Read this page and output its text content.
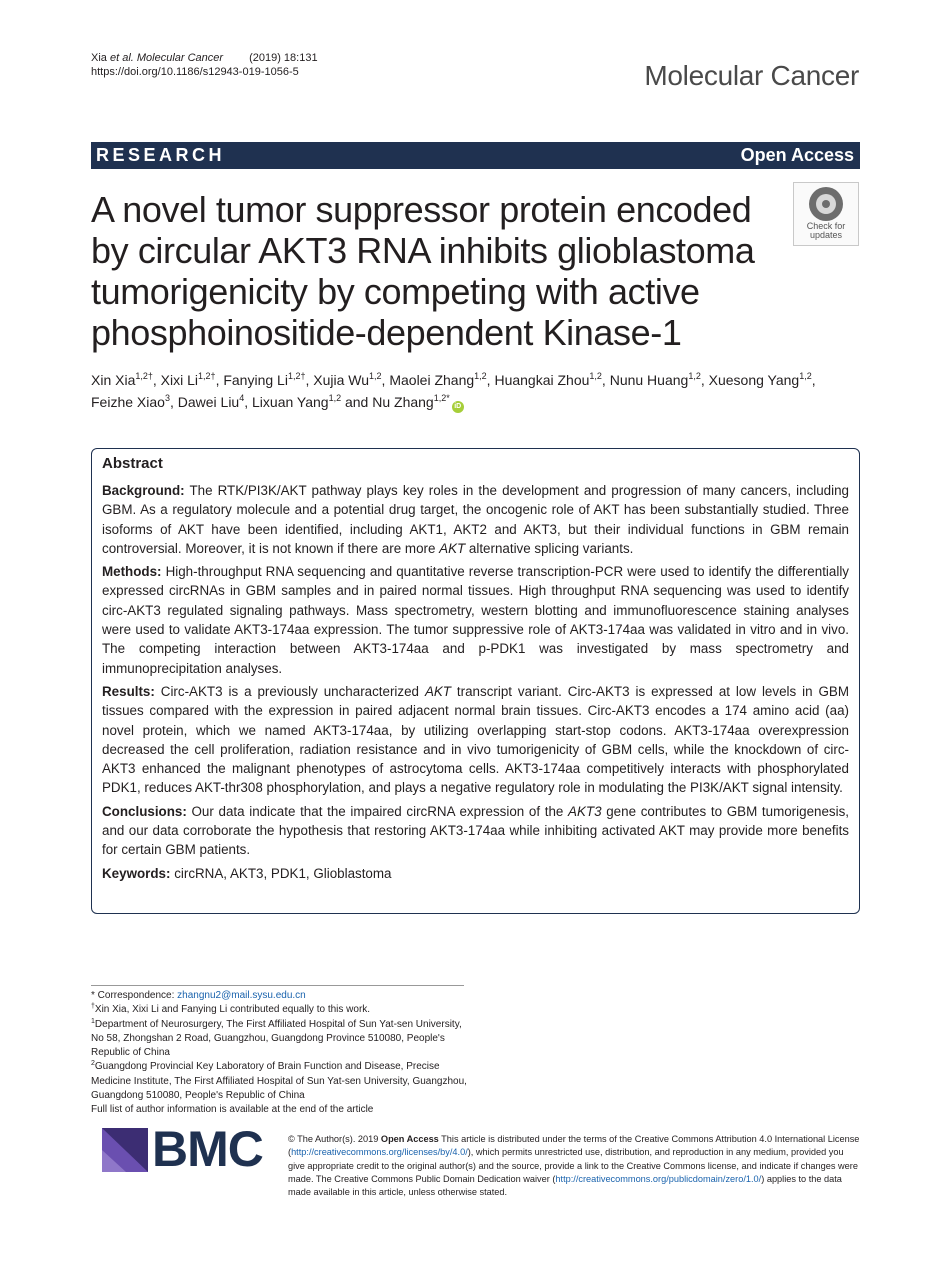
Xia et al. Molecular Cancer (2019) 18:131
https://doi.org/10.1186/s12943-019-1056-5	Molecular Cancer
RESEARCH	Open Access
A novel tumor suppressor protein encoded by circular AKT3 RNA inhibits glioblastoma tumorigenicity by competing with active phosphoinositide-dependent Kinase-1
Check for
updates
Xin Xia$^{1,2\dagger}$, Xixi $Li^{1,2\dagger}$, Fanying $Li^{1,2\dagger}$, Xujia Wu$^{1,2}$, Maolei Zhang$^{1,2}$, Huangkai Zhou$^{1,2}$, Nunu Huang$^{1,2}$, Xuesong Yang$^{1,2}$, Feizhe Xiao$^3$, Dawei Liu$^4$, Lixuan Yang$^{1,2}$ and Nu Zhang$^{1,2*}$iD
Abstract

Background: The RTK/PI3K/AKT pathway plays key roles in the development and progression of many cancers, including GBM. As a regulatory molecule and a potential drug target, the oncogenic role of AKT has been substantially studied. Three isoforms of AKT have been identified, including AKT1, AKT2 and AKT3, but their individual functions in GBM remain controversial. Moreover, it is not known if there are more AKT alternative splicing variants.

Methods: High-throughput RNA sequencing and quantitative reverse transcription-PCR were used to identify the differentially expressed circRNAs in GBM samples and in paired normal tissues. High throughput RNA sequencing was used to identify circ-AKT3 regulated signaling pathways. Mass spectrometry, western blotting and immunofluorescence staining analyses were used to validate AKT3-174aa expression. The tumor suppressive role of AKT3-174aa was validated in vitro and in vivo. The competing interaction between AKT3-174aa and p-PDK1 was investigated by mass spectrometry and immunoprecipitation analyses.

Results: Circ-AKT3 is a previously uncharacterized AKT transcript variant. Circ-AKT3 is expressed at low levels in GBM tissues compared with the expression in paired adjacent normal brain tissues. Circ-AKT3 encodes a 174 amino acid (aa) novel protein, which we named AKT3-174aa, by utilizing overlapping start-stop codons. AKT3-174aa overexpression decreased the cell proliferation, radiation resistance and in vivo tumorigenicity of GBM cells, while the knockdown of circ-AKT3 enhanced the malignant phenotypes of astrocytoma cells. AKT3-174aa competitively interacts with phosphorylated PDK1, reduces AKT-thr308 phosphorylation, and plays a negative regulatory role in modulating the PI3K/AKT signal intensity.

Conclusions: Our data indicate that the impaired circRNA expression of the AKT3 gene contributes to GBM tumorigenesis, and our data corroborate the hypothesis that restoring AKT3-174aa while inhibiting activated AKT may provide more benefits for certain GBM patients.

Keywords: circRNA, AKT3, PDK1, Glioblastoma

* Correspondence: zhangnu2@mail.sysu.edu.cn

†Xin Xia, Xixi Li and Fanying Li contributed equally to this work.

$^1$Department of Neurosurgery, The First Affiliated Hospital of Sun Yat-sen University, No 58, Zhongshan 2 Road, Guangzhou, Guangdong Province 510080, People's Republic of China

$^2$Guangdong Provincial Key Laboratory of Brain Function and Disease, Precise Medicine Institute, The First Affiliated Hospital of Sun Yat-sen University, Guangzhou, Guangdong 510080, People's Republic of China

Full list of author information is available at the end of the article

BMC	© The Author(s). 2019 Open Access This article is distributed under the terms of the Creative Commons Attribution 4.0 International License (http://creativecommons.org/licenses/by/4.0/), which permits unrestricted use, distribution, and reproduction in any medium, provided you give appropriate credit to the original author(s) and the source, provide a link to the Creative Commons license, and indicate if changes were made. The Creative Commons Public Domain Dedication waiver (http://creativecommons.org/publicdomain/zero/1.0/) applies to the data made available in this article, unless otherwise stated.
